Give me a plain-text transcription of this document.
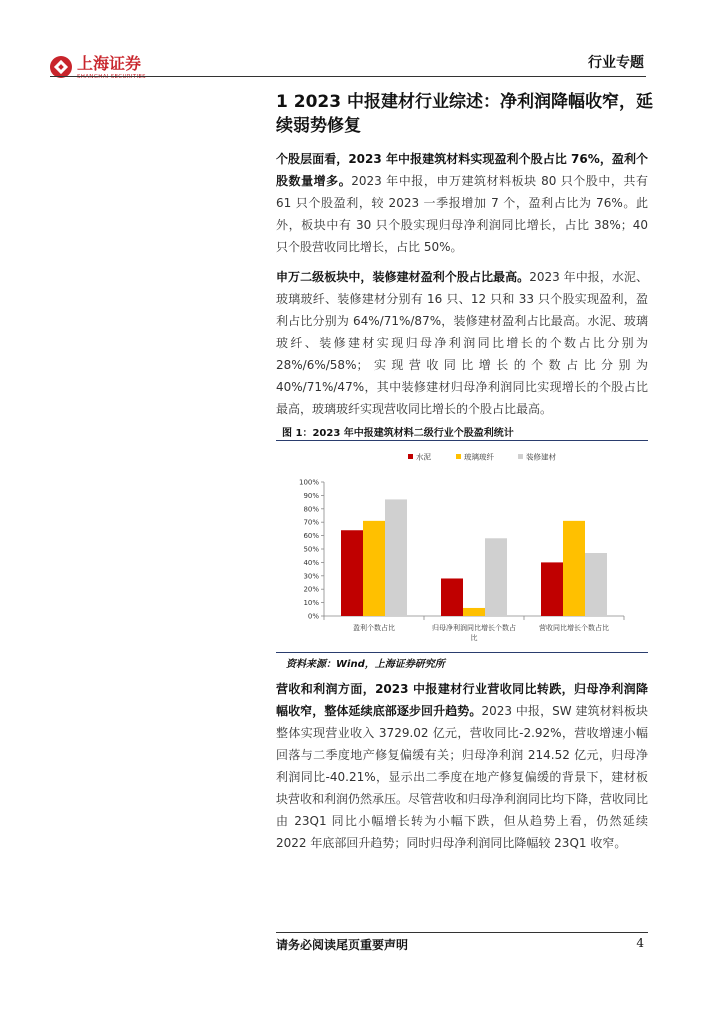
上海证券
SHANGHAI SECURITIES
行业专题
1 2023 中报建材行业综述：净利润降幅收窄，延续弱势修复
个股层面看，2023 年中报建筑材料实现盈利个股占比 76%，盈利个股数量增多。2023 年中报，申万建筑材料板块 80 只个股中，共有 61 只个股盈利，较 2023 一季报增加 7 个，盈利占比为 76%。此外，板块中有 30 只个股实现归母净利润同比增长，占比 38%；40 只个股营收同比增长，占比 50%。
申万二级板块中，装修建材盈利个股占比最高。2023 年中报，水泥、玻璃玻纤、装修建材分别有 16 只、12 只和 33 只个股实现盈利，盈利占比分别为 64%/71%/87%，装修建材盈利占比最高。水泥、玻璃玻纤、装修建材实现归母净利润同比增长的个数占比分别为 28%/6%/58%；实现营收同比增长的个数占比分别为 40%/71%/47%，其中装修建材归母净利润同比实现增长的个股占比最高，玻璃玻纤实现营收同比增长的个股占比最高。
图 1：2023 年中报建筑材料二级行业个股盈利统计
水泥	玻璃玻纤	装修建材
0%
10%
20%
30%
40%
50%
60%
70%
80%
90%
100%
盈利个数占比	归母净利润同比增长个数占
比
营收同比增长个数占比
资料来源：Wind，上海证券研究所
营收和利润方面，2023 中报建材行业营收同比转跌，归母净利润降幅收窄，整体延续底部逐步回升趋势。2023 中报，SW 建筑材料板块整体实现营业收入 3729.02 亿元，营收同比-2.92%，营收增速小幅回落与二季度地产修复偏缓有关；归母净利润 214.52 亿元，归母净利润同比-40.21%，显示出二季度在地产修复偏缓的背景下，建材板块营收和利润仍然承压。尽管营收和归母净利润同比均下降，营收同比由 23Q1 同比小幅增长转为小幅下跌，但从趋势上看，仍然延续 2022 年底部回升趋势；同时归母净利润同比降幅较 23Q1 收窄。
请务必阅读尾页重要声明	4
